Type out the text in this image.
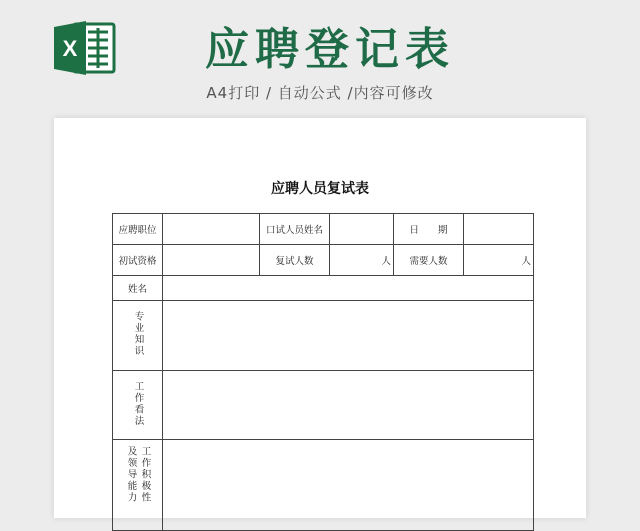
X	应聘登记表
A4打印 / 自动公式 /内容可修改
应聘人员复试表
应聘职位		口试人员姓名		日　　期	
初试资格		复试人数	人	需要人数	人
姓名					
专业知识					
工作看法					
及领导能力 工作积极性					
